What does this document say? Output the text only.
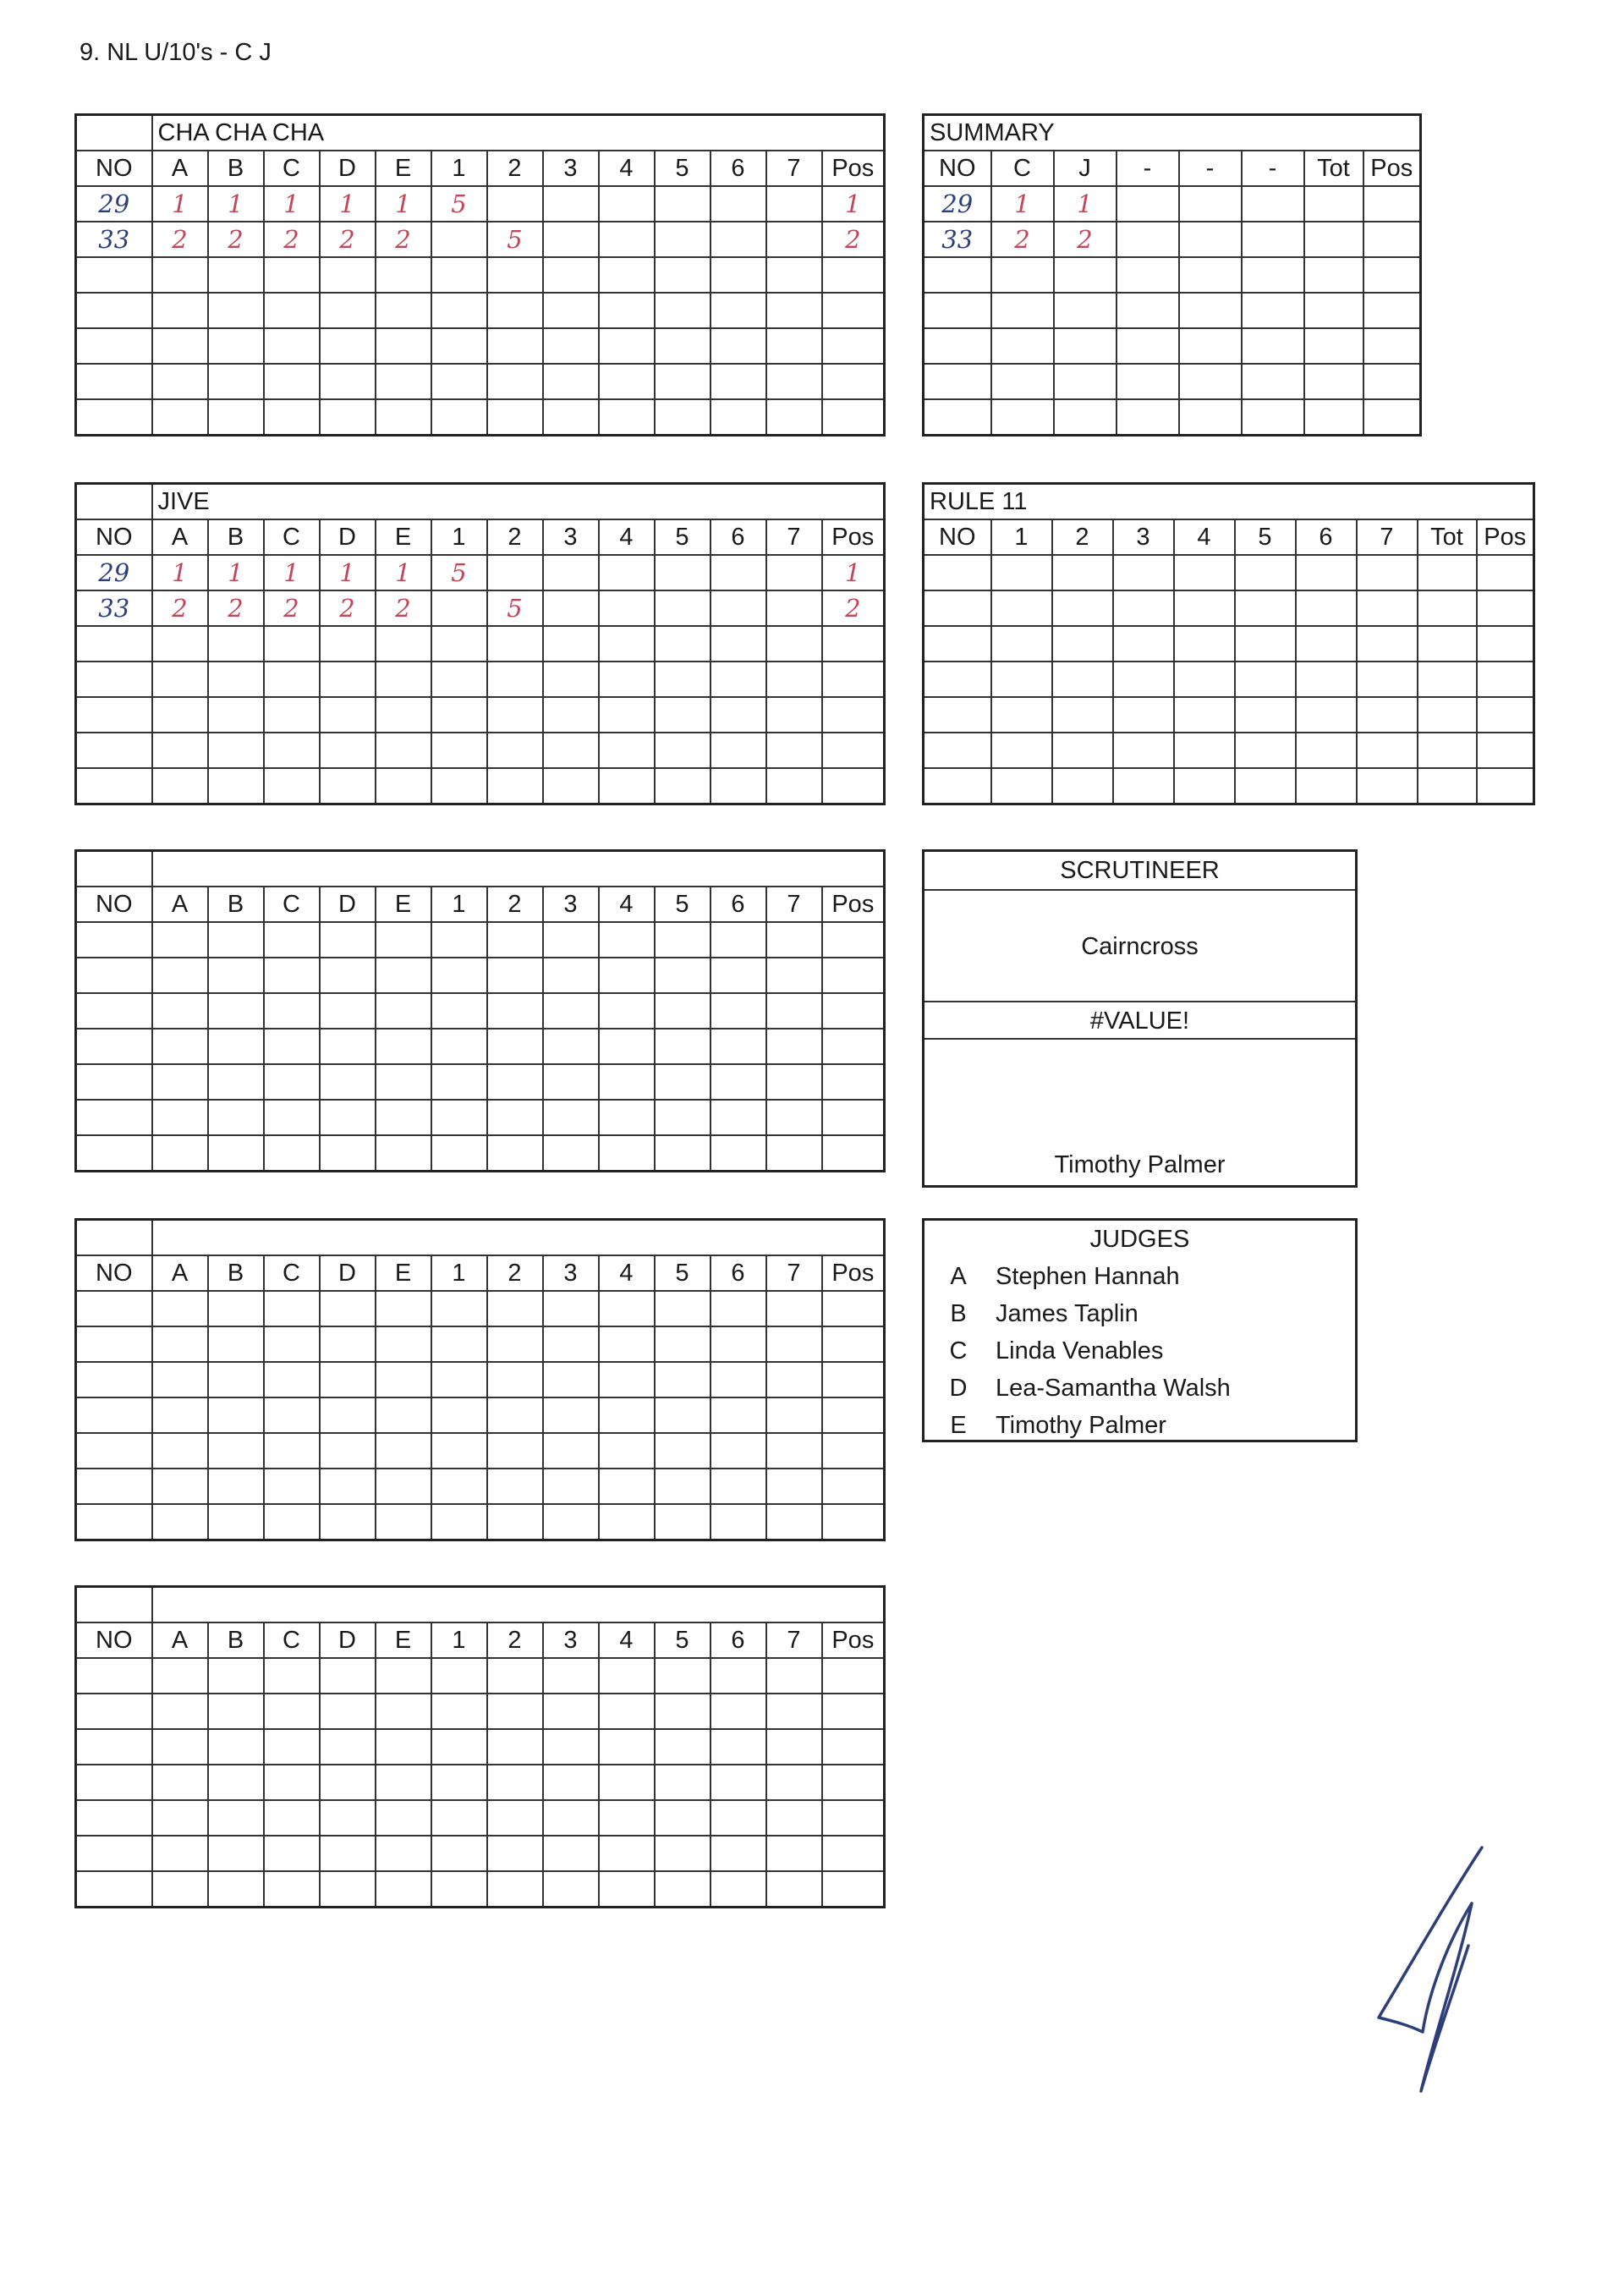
9. NL U/10's - C J
	CHA CHA CHA												
NO	A	B	C	D	E	1	2	3	4	5	6	7	Pos
29	1	1	1	1	1	5							1
33	2	2	2	2	2		5						2

	JIVE												
NO	A	B	C	D	E	1	2	3	4	5	6	7	Pos
29	1	1	1	1	1	5							1
33	2	2	2	2	2		5						2

NO	A	B	C	D	E	1	2	3	4	5	6	7	Pos

NO	A	B	C	D	E	1	2	3	4	5	6	7	Pos

NO	A	B	C	D	E	1	2	3	4	5	6	7	Pos

SUMMARY							
NO	C	J	-	-	-	Tot	Pos
29	1	1					
33	2	2					

RULE 11									
NO	1	2	3	4	5	6	7	Tot	Pos

SCRUTINEER
Cairncross
#VALUE!
Timothy Palmer
JUDGES
A	Stephen Hannah
B	James Taplin
C	Linda Venables
D	Lea-Samantha Walsh
E	Timothy Palmer
